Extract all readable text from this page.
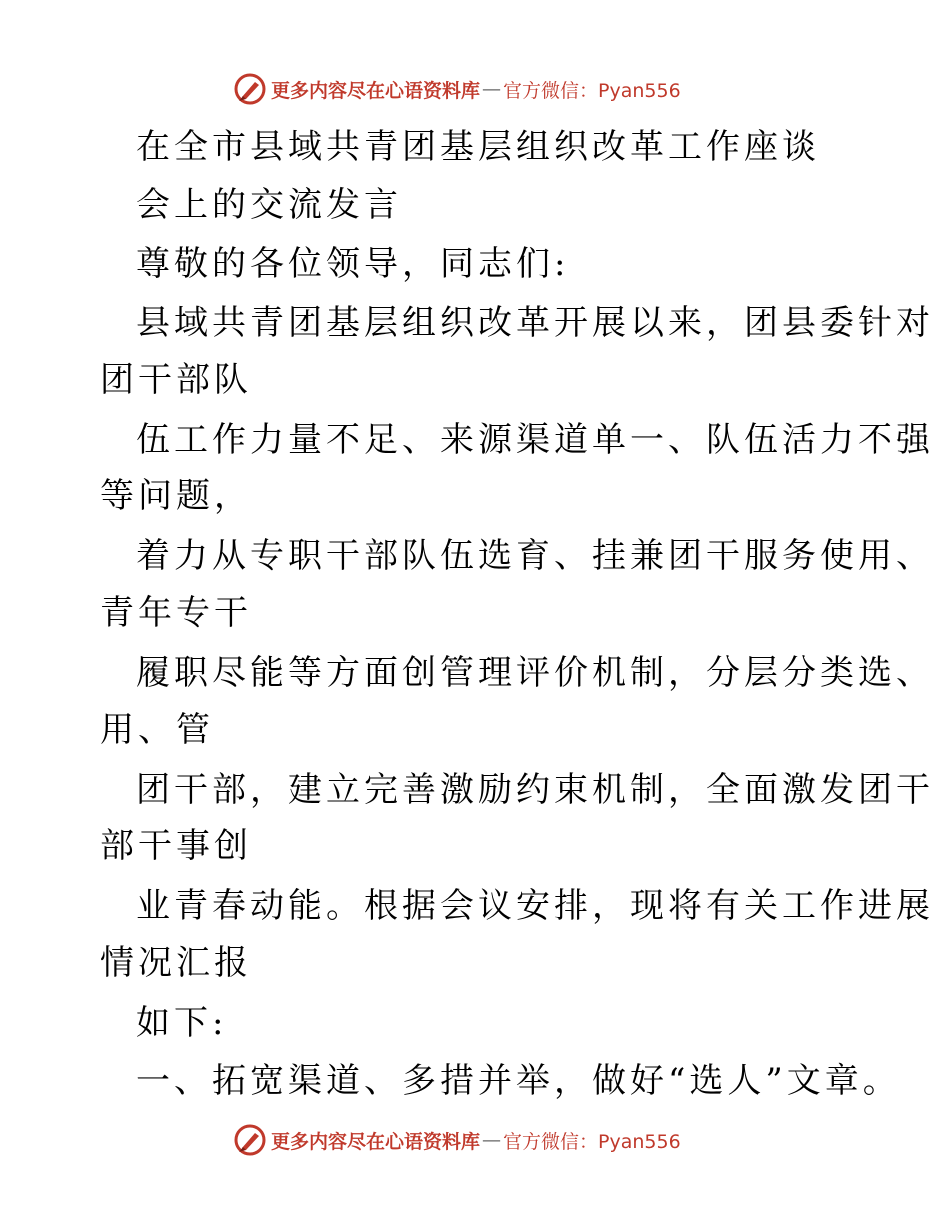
更多内容尽在心语资料库 — 官方微信：Pyan556
在全市县域共青团基层组织改革工作座谈
会上的交流发言
尊敬的各位领导，同志们:
县域共青团基层组织改革开展以来，团县委针对
团干部队
伍工作力量不足、来源渠道单一、队伍活力不强
等问题，
着力从专职干部队伍选育、挂兼团干服务使用、
青年专干
履职尽能等方面创管理评价机制，分层分类选、
用、管
团干部，建立完善激励约束机制，全面激发团干
部干事创
业青春动能。根据会议安排，现将有关工作进展
情况汇报
如下:
一、拓宽渠道、多措并举，做好“选人”文章。
更多内容尽在心语资料库 — 官方微信：Pyan556
